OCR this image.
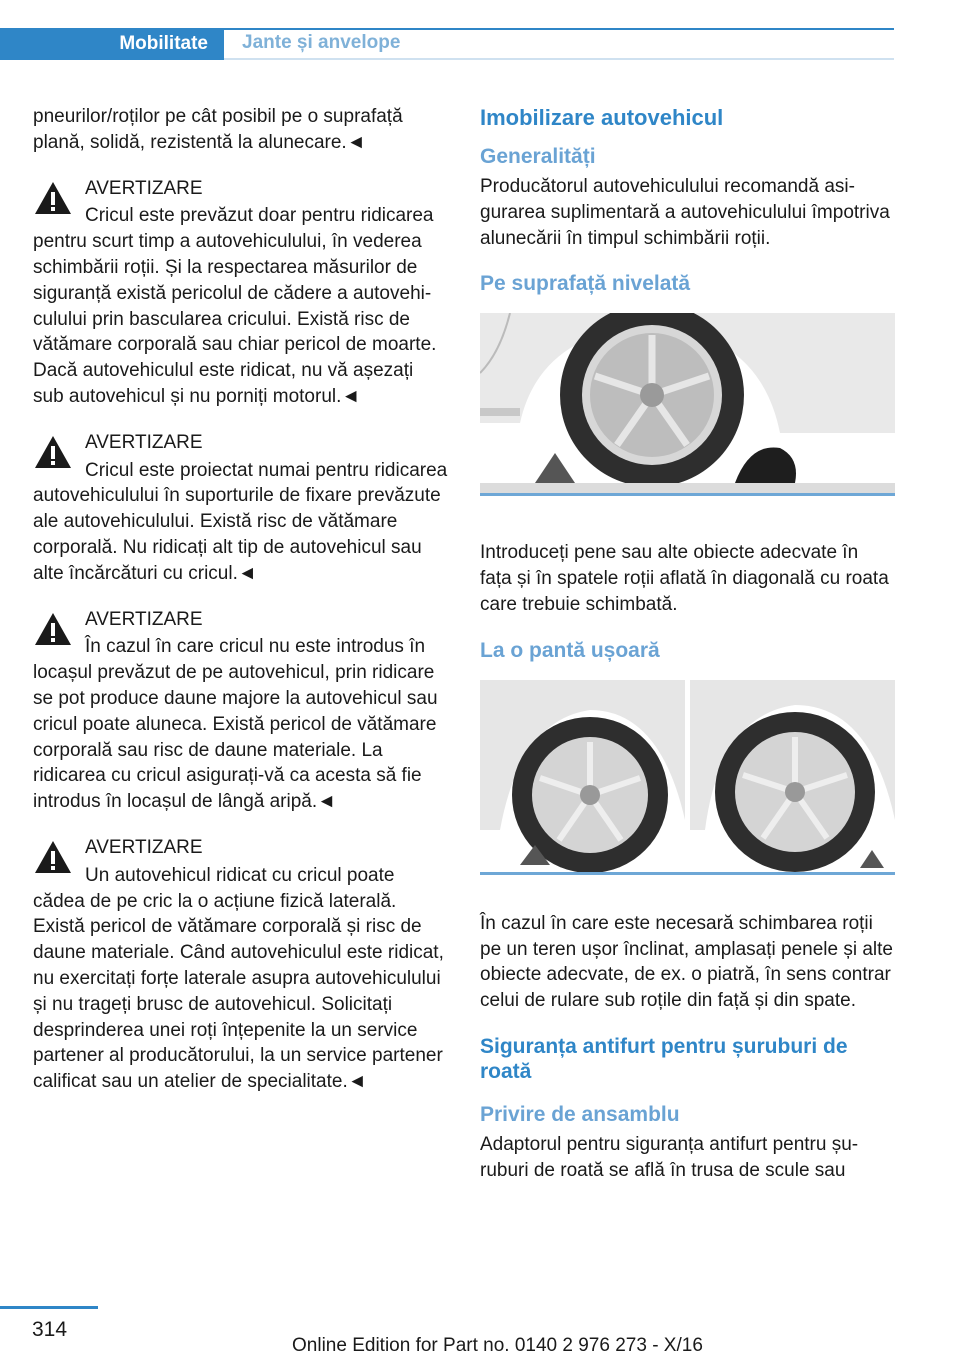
Mobilitate Jante și anvelope

pneurilor/roților pe cât posibil pe o suprafață plană, solidă, rezistentă la alunecare.◄

AVERTIZARE

Cricul este prevăzut doar pentru ridicarea pentru scurt timp a autovehiculului, în vederea schimbării roții. Și la respectarea măsurilor de siguranță există pericolul de cădere a autovehiculului prin bascularea cricului. Există risc de vătămare corporală sau chiar pericol de moarte. Dacă autovehiculul este ridicat, nu vă așezați sub autovehicul și nu porniți motorul.◄

AVERTIZARE

Cricul este proiectat numai pentru ridicarea autovehiculului în suporturile de fixare prevăzute ale autovehiculului. Există risc de vătămare corporală. Nu ridicați alt tip de autovehicul sau alte încărcături cu cricul.◄

AVERTIZARE

În cazul în care cricul nu este introdus în locașul prevăzut de pe autovehicul, prin ridicare se pot produce daune majore la autovehicul sau cricul poate aluneca. Există pericol de vătămare corporală sau risc de daune materiale. La ridicarea cu cricul asigurați-vă ca acesta să fie introdus în locașul de lângă aripă.◄

AVERTIZARE

Un autovehicul ridicat cu cricul poate cădea de pe cric la o acțiune fizică laterală. Există pericol de vătămare corporală și risc de daune materiale. Când autovehiculul este ridicat, nu exercitați forțe laterale asupra autovehiculului și nu trageți brusc de autovehicul. Solicitați desprinderea unei roți înțepenite la un service partener al producătorului, la un service partener calificat sau un atelier de specialitate.◄

Imobilizare autovehicul
Generalități

Producătorul autovehiculului recomandă asigurarea suplimentară a autovehiculului împotriva alunecării în timpul schimbării roții.

Pe suprafață nivelată

Introduceți pene sau alte obiecte adecvate în fața și în spatele roții aflată în diagonală cu roata care trebuie schimbată.

La o pantă ușoară

În cazul în care este necesară schimbarea roții pe un teren ușor înclinat, amplasați penele și alte obiecte adecvate, de ex. o piatră, în sens contrar celui de rulare sub roțile din față și din spate.

Siguranța antifurt pentru șuruburi de roată
Privire de ansamblu

Adaptorul pentru siguranța antifurt pentru șuruburi de roată se află în trusa de scule sau

314
Online Edition for Part no. 0140 2 976 273 - X/16
